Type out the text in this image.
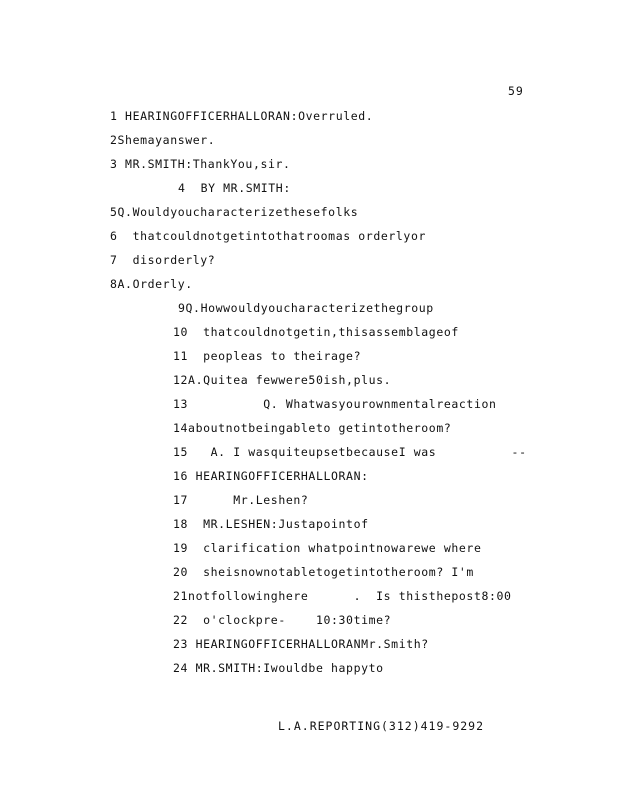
59
1 HEARINGOFFICERHALLORAN:Overruled.
2Shemayanswer.
3 MR.SMITH:ThankYou,sir.
4  BY MR.SMITH:
5Q.Wouldyoucharacterizethesefolks
6  thatcouldnotgetintothatroomas orderlyor
7  disorderly?
8A.Orderly.
9Q.Howwouldyoucharacterizethegroup
10  thatcouldnotgetin,thisassemblageof
11  peopleas to theirage?
12A.Quitea fewwere50ish,plus.
13          Q. Whatwasyourownmentalreaction
14aboutnotbeingableto getintotheroom?
15   A. I wasquiteupsetbecauseI was          --
16 HEARINGOFFICERHALLORAN:
17      Mr.Leshen?
18  MR.LESHEN:Justapointof
19  clarification whatpointnowarewe where
20  sheisnownotabletogetintotheroom? I'm
21notfollowinghere      .  Is thisthepost8:00
22  o'clockpre-    10:30time?
23 HEARINGOFFICERHALLORANMr.Smith?
24 MR.SMITH:Iwouldbe happyto
L.A.REPORTING(312)419-9292
